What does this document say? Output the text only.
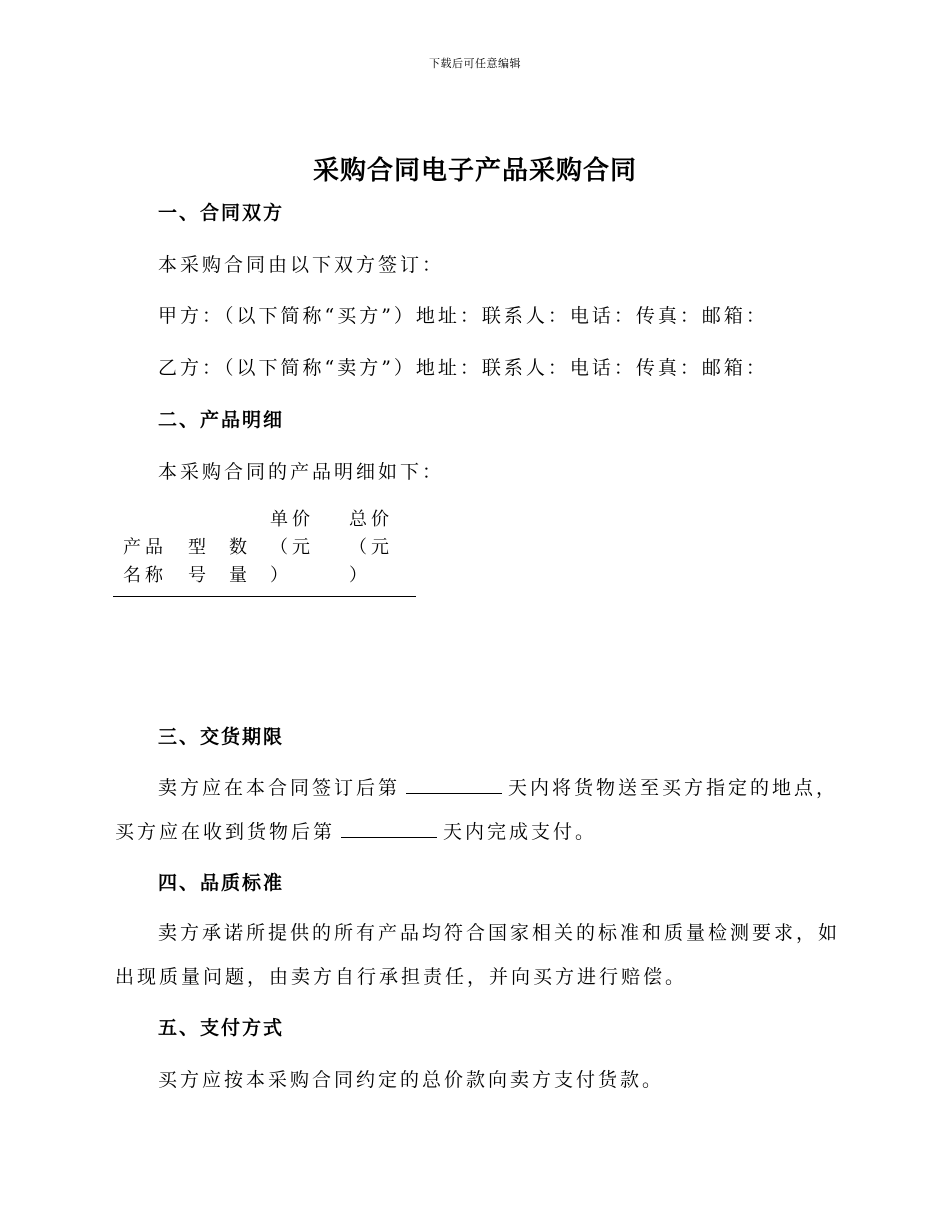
下载后可任意编辑
采购合同电子产品采购合同
一、合同双方
本采购合同由以下双方签订：
甲方：（以下简称“买方”）地址：联系人：电话：传真：邮箱：
乙方：（以下简称“卖方”）地址：联系人：电话：传真：邮箱：
二、产品明细
本采购合同的产品明细如下：
产品
名称
型
号
数
量
单价
（元
）
总价
（元
）
三、交货期限
卖方应在本合同签订后第	天内将货物送至买方指定的地点，
买方应在收到货物后第	天内完成支付。
四、品质标准
卖方承诺所提供的所有产品均符合国家相关的标准和质量检测要求，如
出现质量问题，由卖方自行承担责任，并向买方进行赔偿。
五、支付方式
买方应按本采购合同约定的总价款向卖方支付货款。
